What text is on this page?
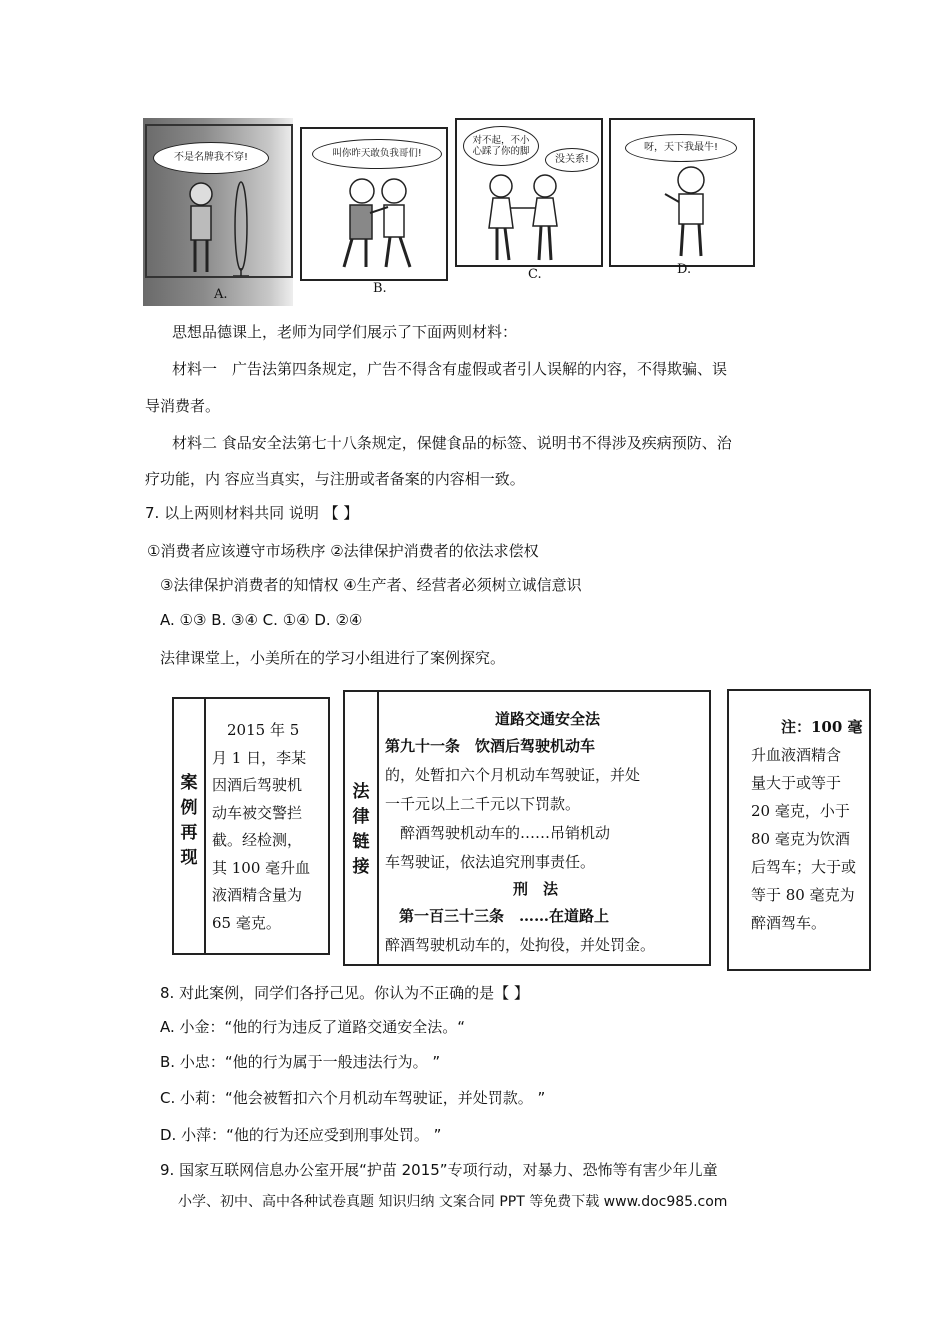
不是名牌我不穿!	叫你昨天敢负我哥们!
对不起，不小
心踩了你的脚
没关系!
呀，天下我最牛!
A.	B.
C.	D.
思想品德课上，老师为同学们展示了下面两则材料：
材料一　广告法第四条规定，广告不得含有虚假或者引人误解的内容，不得欺骗、误
导消费者。
材料二 食品安全法第七十八条规定，保健食品的标签、说明书不得涉及疾病预防、治
疗功能，内 容应当真实，与注册或者备案的内容相一致。
7. 以上两则材料共同 说明 【 】
①消费者应该遵守市场秩序 ②法律保护消费者的依法求偿权
③法律保护消费者的知情权 ④生产者、经营者必须树立诚信意识
A. ①③ B. ③④ C. ①④ D. ②④
法律课堂上，小美所在的学习小组进行了案例探究。
案
例
再
现
　2015 年 5
月 1 日，李某
因酒后驾驶机
动车被交警拦
截。经检测，
其 100 毫升血
液酒精含量为
65 毫克。
法
律
链
接
道路交通安全法
第九十一条　饮酒后驾驶机动车
的，处暂扣六个月机动车驾驶证，并处
一千元以上二千元以下罚款。
　醉酒驾驶机动车的……吊销机动
车驾驶证，依法追究刑事责任。
刑　法
第一百三十三条　……在道路上
醉酒驾驶机动车的，处拘役，并处罚金。
注：100 毫
升血液酒精含
量大于或等于
20 毫克，小于
80 毫克为饮酒
后驾车；大于或
等于 80 毫克为
醉酒驾车。
8. 对此案例，同学们各抒己见。你认为不正确的是【 】
A. 小金：“他的行为违反了道路交通安全法。“
B. 小忠：“他的行为属于一般违法行为。 ”
C. 小莉：“他会被暂扣六个月机动车驾驶证，并处罚款。 ”
D. 小萍：“他的行为还应受到刑事处罚。 ”
9. 国家互联网信息办公室开展“护苗 2015”专项行动，对暴力、恐怖等有害少年儿童
小学、初中、高中各种试卷真题 知识归纳 文案合同 PPT 等免费下载 www.doc985.com
